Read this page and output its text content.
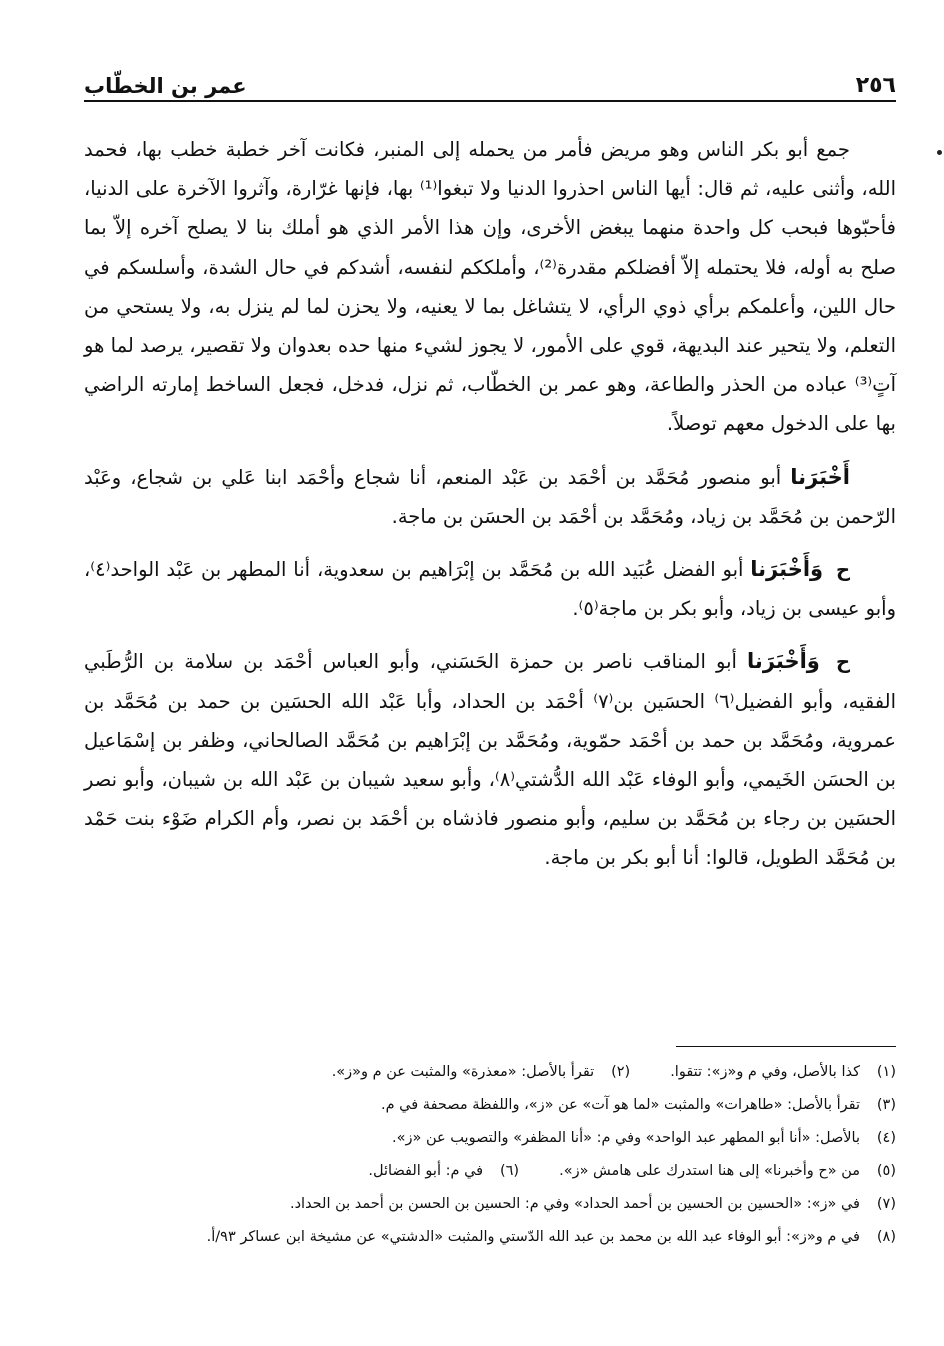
٢٥٦
عمر بن الخطّاب

جمع أبو بكر الناس وهو مريض فأمر من يحمله إلى المنبر، فكانت آخر خطبة خطب بها، فحمد الله، وأثنى عليه، ثم قال: أيها الناس احذروا الدنيا ولا تبغوا⁽¹⁾ بها، فإنها غرّارة، وآثروا الآخرة على الدنيا، فأحبّوها فبحب كل واحدة منهما يبغض الأخرى، وإن هذا الأمر الذي هو أملك بنا لا يصلح آخره إلاّ بما صلح به أوله، فلا يحتمله إلاّ أفضلكم مقدرة⁽²⁾، وأملككم لنفسه، أشدكم في حال الشدة، وأسلسكم في حال اللين، وأعلمكم برأي ذوي الرأي، لا يتشاغل بما لا يعنيه، ولا يحزن لما لم ينزل به، ولا يستحي من التعلم، ولا يتحير عند البديهة، قوي على الأمور، لا يجوز لشيء منها حده بعدوان ولا تقصير، يرصد لما هو آتٍ⁽³⁾ عباده من الحذر والطاعة، وهو عمر بن الخطّاب، ثم نزل، فدخل، فجعل الساخط إمارته الراضي بها على الدخول معهم توصلاً.

أَخْبَرَنا أبو منصور مُحَمَّد بن أحْمَد بن عَبْد المنعم، أنا شجاع وأحْمَد ابنا عَلي بن شجاع، وعَبْد الرّحمن بن مُحَمَّد بن زياد، ومُحَمَّد بن أحْمَد بن الحسَن بن ماجة.

ح وَأَخْبَرَنا أبو الفضل عُبَيد الله بن مُحَمَّد بن إبْرَاهيم بن سعدوية، أنا المطهر بن عَبْد الواحد⁽٤⁾، وأبو عيسى بن زياد، وأبو بكر بن ماجة⁽٥⁾.

ح وَأَخْبَرَنا أبو المناقب ناصر بن حمزة الحَسَني، وأبو العباس أحْمَد بن سلامة بن الرُّطَبي الفقيه، وأبو الفضيل⁽٦⁾ الحسَين بن⁽٧⁾ أحْمَد بن الحداد، وأبا عَبْد الله الحسَين بن حمد بن مُحَمَّد بن عمروية، ومُحَمَّد بن حمد بن أحْمَد حمّوية، ومُحَمَّد بن إبْرَاهيم بن مُحَمَّد الصالحاني، وظفر بن إسْمَاعيل بن الحسَن الخَيمي، وأبو الوفاء عَبْد الله الدُّشتي⁽٨⁾، وأبو سعيد شيبان بن عَبْد الله بن شيبان، وأبو نصر الحسَين بن رجاء بن مُحَمَّد بن سليم، وأبو منصور فاذشاه بن أحْمَد بن نصر، وأم الكرام ضَوْء بنت حَمْد بن مُحَمَّد الطويل، قالوا: أنا أبو بكر بن ماجة.

(١)
كذا بالأصل، وفي م و«ز»: تتقوا.
(٢)
تقرأ بالأصل: «معذرة» والمثبت عن م و«ز».
(٣)
تقرأ بالأصل: «طاهرات» والمثبت «لما هو آت» عن «ز»، واللفظة مصحفة في م.
(٤)
بالأصل: «أنا أبو المطهر عبد الواحد» وفي م: «أنا المظفر» والتصويب عن «ز».
(٥)
من «ح وأخبرنا» إلى هنا استدرك على هامش «ز».
(٦)
في م: أبو الفضائل.
(٧)
في «ز»: «الحسين بن الحسين بن أحمد الحداد» وفي م: الحسين بن الحسن بن أحمد بن الحداد.
(٨)
في م و«ز»: أبو الوفاء عبد الله بن محمد بن عبد الله الدّستي والمثبت «الدشتي» عن مشيخة ابن عساكر ٩٣/أ.
